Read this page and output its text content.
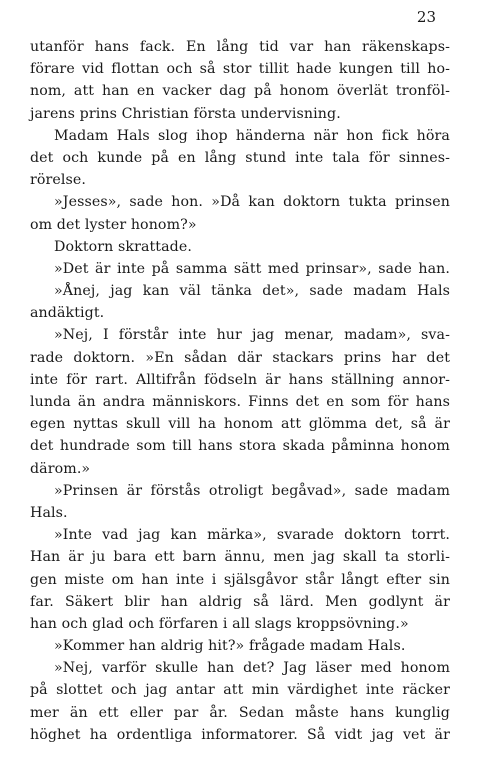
23
utanför hans fack. En lång tid var han räkenskaps-
förare vid flottan och så stor tillit hade kungen till ho-
nom, att han en vacker dag på honom överlät tronföl-
jarens prins Christian första undervisning.
Madam Hals slog ihop händerna när hon fick höra
det och kunde på en lång stund inte tala för sinnes-
rörelse.
»Jesses», sade hon. »Då kan doktorn tukta prinsen
om det lyster honom?»
Doktorn skrattade.
»Det är inte på samma sätt med prinsar», sade han.
»Ånej, jag kan väl tänka det», sade madam Hals
andäktigt.
»Nej, I förstår inte hur jag menar, madam», sva-
rade doktorn. »En sådan där stackars prins har det
inte för rart. Alltifrån födseln är hans ställning annor-
lunda än andra människors. Finns det en som för hans
egen nyttas skull vill ha honom att glömma det, så är
det hundrade som till hans stora skada påminna honom
därom.»
»Prinsen är förstås otroligt begåvad», sade madam
Hals.
»Inte vad jag kan märka», svarade doktorn torrt.
Han är ju bara ett barn ännu, men jag skall ta storli-
gen miste om han inte i själsgåvor står långt efter sin
far. Säkert blir han aldrig så lärd. Men godlynt är
han och glad och förfaren i all slags kroppsövning.»
»Kommer han aldrig hit?» frågade madam Hals.
»Nej, varför skulle han det? Jag läser med honom
på slottet och jag antar att min värdighet inte räcker
mer än ett eller par år. Sedan måste hans kunglig
höghet ha ordentliga informatorer. Så vidt jag vet är
